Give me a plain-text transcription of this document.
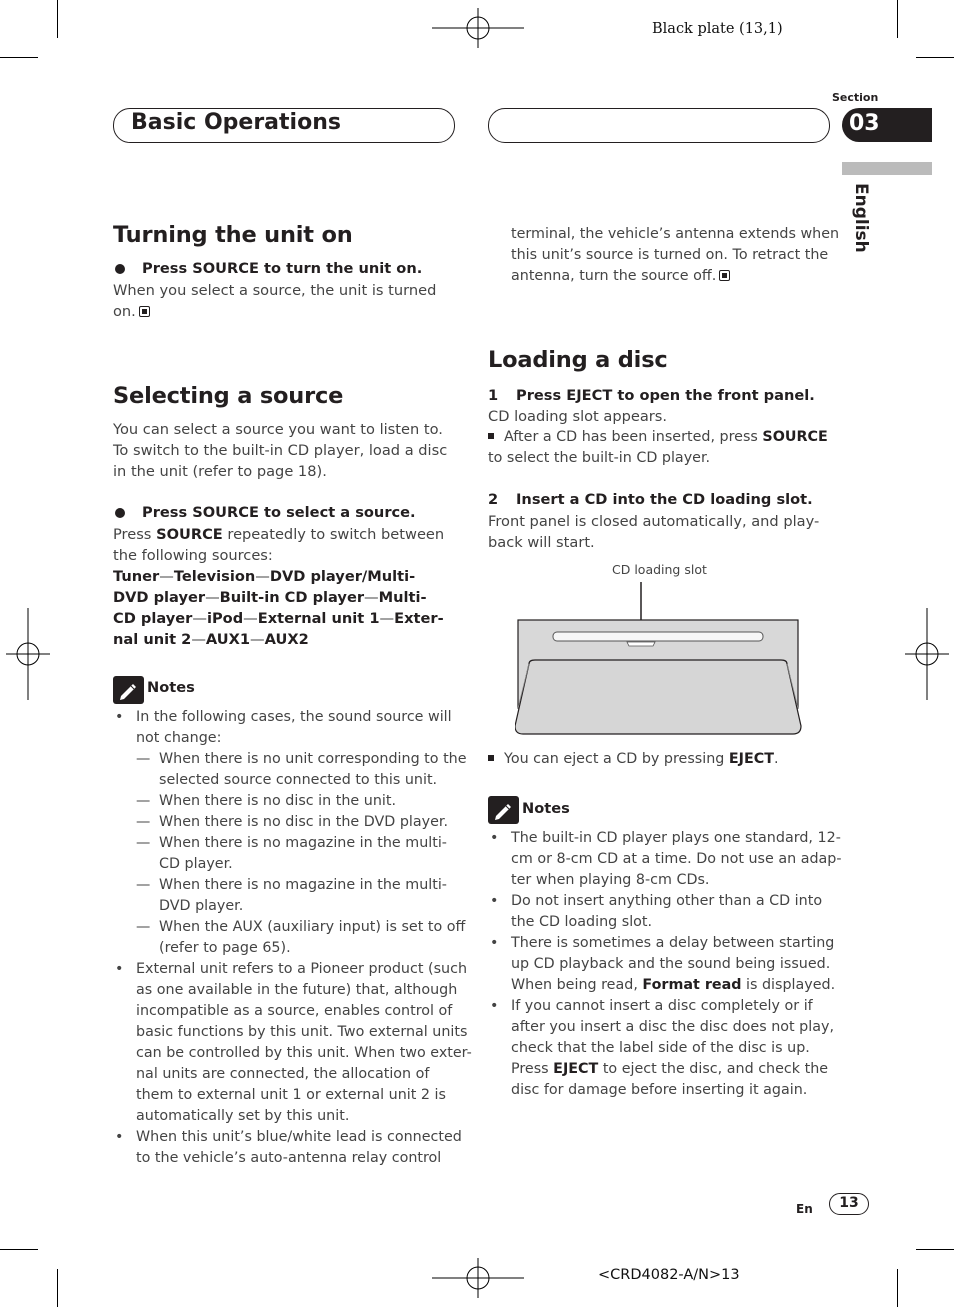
Black plate (13,1)
Basic Operations
Section
03
English
Turning the unit on
Press SOURCE to turn the unit on.
When you select a source, the unit is turned
on.
Selecting a source
You can select a source you want to listen to.
To switch to the built-in CD player, load a disc
in the unit (refer to page 18).
Press SOURCE to select a source.
Press SOURCE repeatedly to switch between
the following sources:
Tuner—Television—DVD player/Multi-
DVD player—Built-in CD player—Multi-
CD player—iPod—External unit 1—Exter-
nal unit 2—AUX1—AUX2
Notes
• In the following cases, the sound source will
not change:
— When there is no unit corresponding to the
selected source connected to this unit.
— When there is no disc in the unit.
— When there is no disc in the DVD player.
— When there is no magazine in the multi-
CD player.
— When there is no magazine in the multi-
DVD player.
— When the AUX (auxiliary input) is set to off
(refer to page 65).
• External unit refers to a Pioneer product (such
as one available in the future) that, although
incompatible as a source, enables control of
basic functions by this unit. Two external units
can be controlled by this unit. When two exter-
nal units are connected, the allocation of
them to external unit 1 or external unit 2 is
automatically set by this unit.
• When this unit’s blue/white lead is connected
to the vehicle’s auto-antenna relay control
terminal, the vehicle’s antenna extends when
this unit’s source is turned on. To retract the
antenna, turn the source off.
Loading a disc
1 Press EJECT to open the front panel.
CD loading slot appears.
After a CD has been inserted, press SOURCE
to select the built-in CD player.
2 Insert a CD into the CD loading slot.
Front panel is closed automatically, and play-
back will start.
CD loading slot
You can eject a CD by pressing EJECT.
Notes
• The built-in CD player plays one standard, 12-
cm or 8-cm CD at a time. Do not use an adap-
ter when playing 8-cm CDs.
• Do not insert anything other than a CD into
the CD loading slot.
• There is sometimes a delay between starting
up CD playback and the sound being issued.
When being read, Format read is displayed.
• If you cannot insert a disc completely or if
after you insert a disc the disc does not play,
check that the label side of the disc is up.
Press EJECT to eject the disc, and check the
disc for damage before inserting it again.
En	13
<CRD4082-A/N>13
